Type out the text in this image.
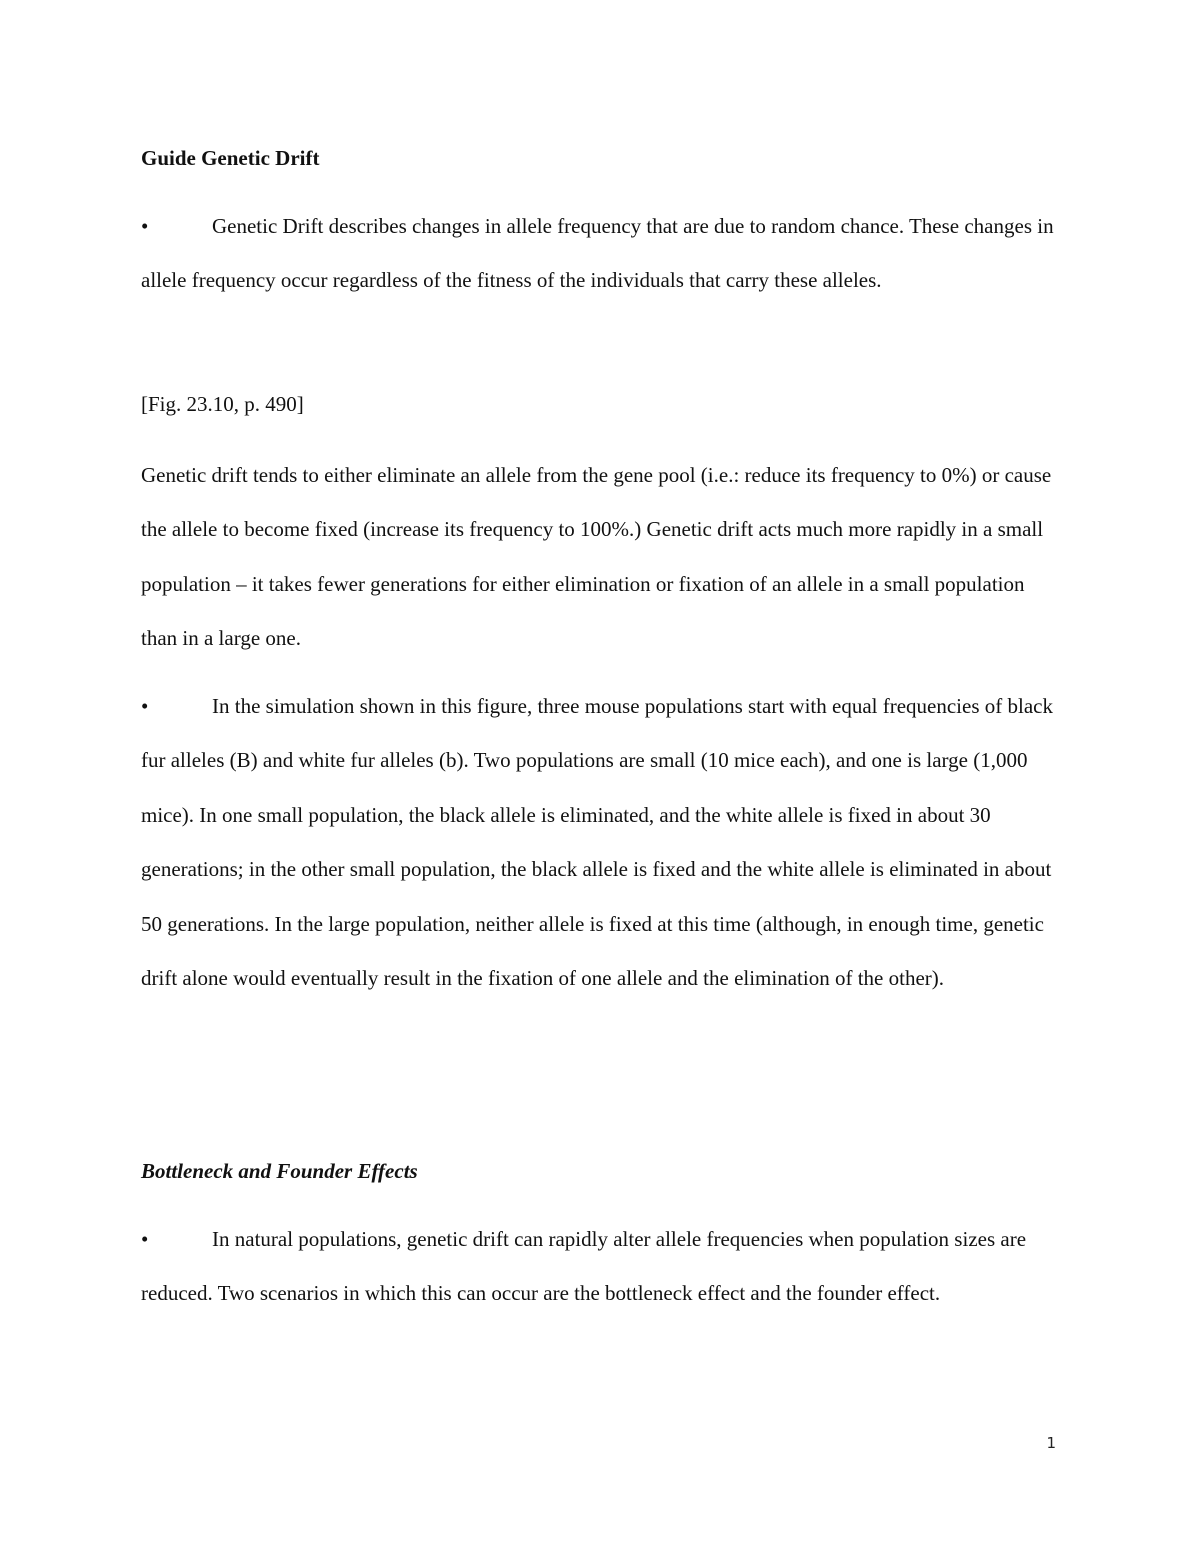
Guide Genetic Drift
•	Genetic Drift describes changes in allele frequency that are due to random chance. These changes in allele frequency occur regardless of the fitness of the individuals that carry these alleles.
[Fig. 23.10, p. 490]
Genetic drift tends to either eliminate an allele from the gene pool (i.e.: reduce its frequency to 0%) or cause the allele to become fixed (increase its frequency to 100%.) Genetic drift acts much more rapidly in a small population – it takes fewer generations for either elimination or fixation of an allele in a small population than in a large one.
•	In the simulation shown in this figure, three mouse populations start with equal frequencies of black fur alleles (B) and white fur alleles (b). Two populations are small (10 mice each), and one is large (1,000 mice). In one small population, the black allele is eliminated, and the white allele is fixed in about 30 generations; in the other small population, the black allele is fixed and the white allele is eliminated in about 50 generations. In the large population, neither allele is fixed at this time (although, in enough time, genetic drift alone would eventually result in the fixation of one allele and the elimination of the other).
Bottleneck and Founder Effects
•	In natural populations, genetic drift can rapidly alter allele frequencies when population sizes are reduced. Two scenarios in which this can occur are the bottleneck effect and the founder effect.
1
